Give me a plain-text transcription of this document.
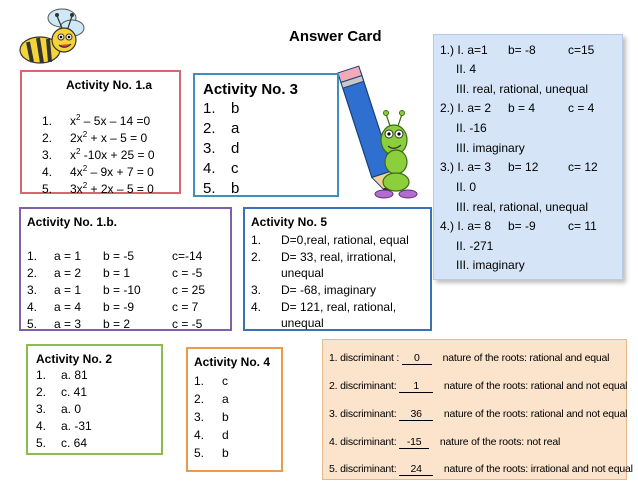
Answer Card
Activity No. 1.a
1. $x^2 - 5x - 14 =0$
2. $2x^2 + x - 5 = 0$
3. $x^2$ -10x + 25 = 0
4. $4x^2 - 9x + 7 = 0$
5. $3x^2 + 2x - 5 = 0$
Activity No. 3
1. b
2. a
3. d
4. c
5. b
1.) I. a=1 b= -8	c=15
II. 4
III. real, rational, unequal
2.) I. a= 2 b = 4	c = 4
II. -16
III. imaginary
3.) I. a= 3 b= 12 c= 12
II. 0
III. real, rational, unequal
4.) I. a= 8 b= -9	c= 11
II. -271
III. imaginary
Activity No. 1.b.
1. a = 1 b = -5	c=-14
2. a = 2 b = 1	c = -5
3. a = 1 b = -10	c = 25
4. a = 4 b = -9	c = 7
5. a = 3 b = 2	c = -5
Activity No. 5
1. D=0,real, rational, equal
2. D= 33, real, irrational,
unequal
3. D= -68, imaginary
4. D= 121, real, rational,
unequal
Activity No. 2
1. a. 81
2. c. 41
3. a. 0
4. a. -31
5. c. 64
Activity No. 4
1. c
2. a
3. b
4. d
5. b
1. discriminant : 0 nature of the roots: rational and equal
2. discriminant: 1 nature of the roots: rational and not equal
3. discriminant: 36 nature of the roots: rational and not equal
4. discriminant: -15 nature of the roots: not real
5. discriminant: 24 nature of the roots: irrational and not equal
